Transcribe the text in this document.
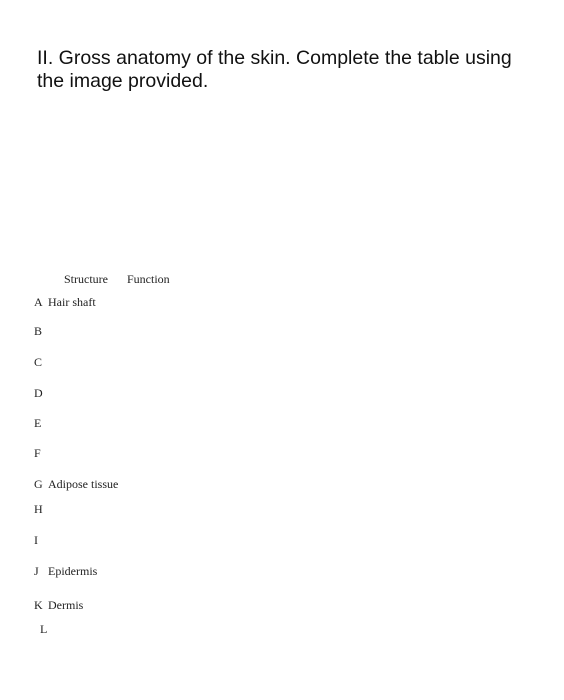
II. Gross anatomy of the skin. Complete the table using the image provided.
Structure Function
A Hair shaft
B
C
D
E
F
G Adipose tissue
H
I
J Epidermis
K Dermis
L
